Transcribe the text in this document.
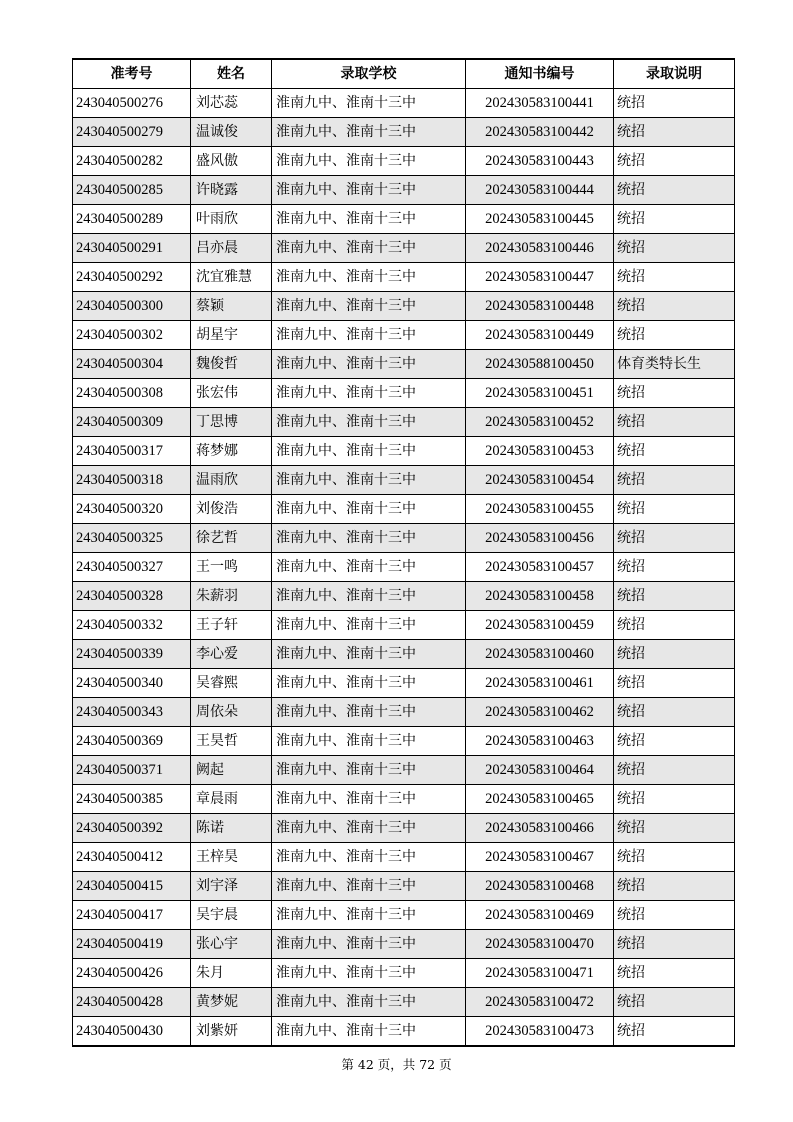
准考号	姓名	录取学校	通知书编号	录取说明
243040500276	刘芯蕊	淮南九中、淮南十三中	202430583100441	统招
243040500279	温诚俊	淮南九中、淮南十三中	202430583100442	统招
243040500282	盛风傲	淮南九中、淮南十三中	202430583100443	统招
243040500285	许晓露	淮南九中、淮南十三中	202430583100444	统招
243040500289	叶雨欣	淮南九中、淮南十三中	202430583100445	统招
243040500291	吕亦晨	淮南九中、淮南十三中	202430583100446	统招
243040500292	沈宜雅慧	淮南九中、淮南十三中	202430583100447	统招
243040500300	蔡颖	淮南九中、淮南十三中	202430583100448	统招
243040500302	胡星宇	淮南九中、淮南十三中	202430583100449	统招
243040500304	魏俊哲	淮南九中、淮南十三中	202430588100450	体育类特长生
243040500308	张宏伟	淮南九中、淮南十三中	202430583100451	统招
243040500309	丁思博	淮南九中、淮南十三中	202430583100452	统招
243040500317	蒋梦娜	淮南九中、淮南十三中	202430583100453	统招
243040500318	温雨欣	淮南九中、淮南十三中	202430583100454	统招
243040500320	刘俊浩	淮南九中、淮南十三中	202430583100455	统招
243040500325	徐艺哲	淮南九中、淮南十三中	202430583100456	统招
243040500327	王一鸣	淮南九中、淮南十三中	202430583100457	统招
243040500328	朱薪羽	淮南九中、淮南十三中	202430583100458	统招
243040500332	王子轩	淮南九中、淮南十三中	202430583100459	统招
243040500339	李心爱	淮南九中、淮南十三中	202430583100460	统招
243040500340	吴睿熙	淮南九中、淮南十三中	202430583100461	统招
243040500343	周依朵	淮南九中、淮南十三中	202430583100462	统招
243040500369	王昊哲	淮南九中、淮南十三中	202430583100463	统招
243040500371	阙起	淮南九中、淮南十三中	202430583100464	统招
243040500385	章晨雨	淮南九中、淮南十三中	202430583100465	统招
243040500392	陈诺	淮南九中、淮南十三中	202430583100466	统招
243040500412	王梓昊	淮南九中、淮南十三中	202430583100467	统招
243040500415	刘宇泽	淮南九中、淮南十三中	202430583100468	统招
243040500417	吴宇晨	淮南九中、淮南十三中	202430583100469	统招
243040500419	张心宇	淮南九中、淮南十三中	202430583100470	统招
243040500426	朱月	淮南九中、淮南十三中	202430583100471	统招
243040500428	黄梦妮	淮南九中、淮南十三中	202430583100472	统招
243040500430	刘紫妍	淮南九中、淮南十三中	202430583100473	统招
第 42 页，共 72 页
